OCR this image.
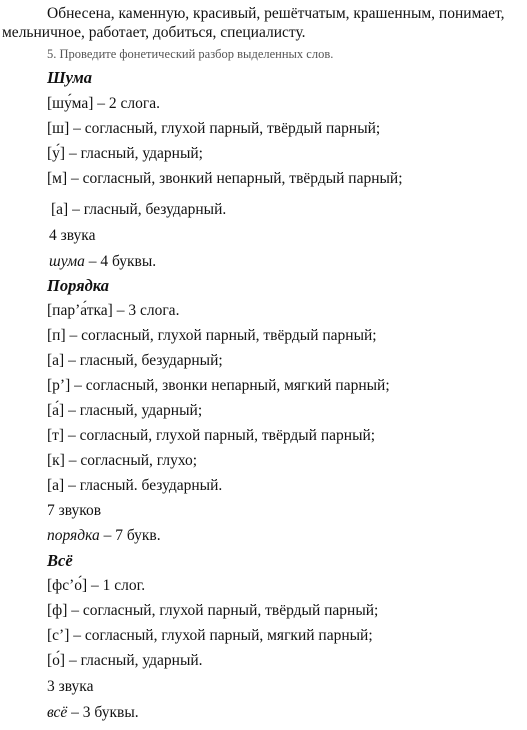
Обнесена, каменную, красивый, решётчатым, крашенным, понимает,
мельничное, работает, добиться, специалисту.
5. Проведите фонетический разбор выделенных слов.
Шума
[шу́ма] – 2 слога.
[ш] – согласный, глухой парный, твёрдый парный;
[у́] – гласный, ударный;
[м] – согласный, звонкий непарный, твёрдый парный;
[а] – гласный, безударный.
4 звука
шума – 4 буквы.
Порядка
[пар’а́тка] – 3 слога.
[п] – согласный, глухой парный, твёрдый парный;
[а] – гласный, безударный;
[р’] – согласный, звонки непарный, мягкий парный;
[а́] – гласный, ударный;
[т] – согласный, глухой парный, твёрдый парный;
[к] – согласный, глухо;
[а] – гласный. безударный.
7 звуков
порядка – 7 букв.
Всё
[фс’о́] – 1 слог.
[ф] – согласный, глухой парный, твёрдый парный;
[с’] – согласный, глухой парный, мягкий парный;
[о́] – гласный, ударный.
3 звука
всё – 3 буквы.
